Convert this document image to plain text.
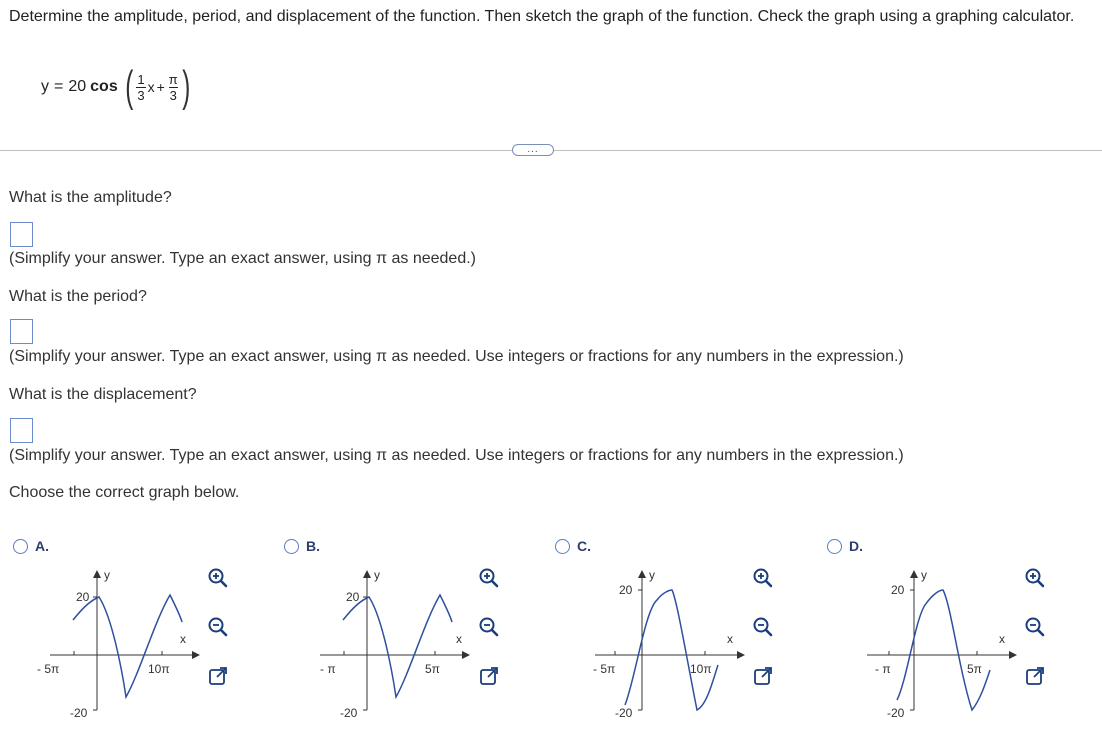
Determine the amplitude, period, and displacement of the function. Then sketch the graph of the function. Check the graph using a graphing calculator.
y = 20 cos ( $\frac{1}{3}$ $x + \frac{\pi}{3}$ )
...
What is the amplitude?
(Simplify your answer. Type an exact answer, using π as needed.)
What is the period?
(Simplify your answer. Type an exact answer, using π as needed. Use integers or fractions for any numbers in the expression.)
What is the displacement?
(Simplify your answer. Type an exact answer, using π as needed. Use integers or fractions for any numbers in the expression.)
Choose the correct graph below.
A.	B.	C.	D.
20
-20
- 5π	10π
x
y
20
-20
- π	5π
x
y
20
-20
- 5π	10π
x
y
20
-20
- π	5π
x
y
